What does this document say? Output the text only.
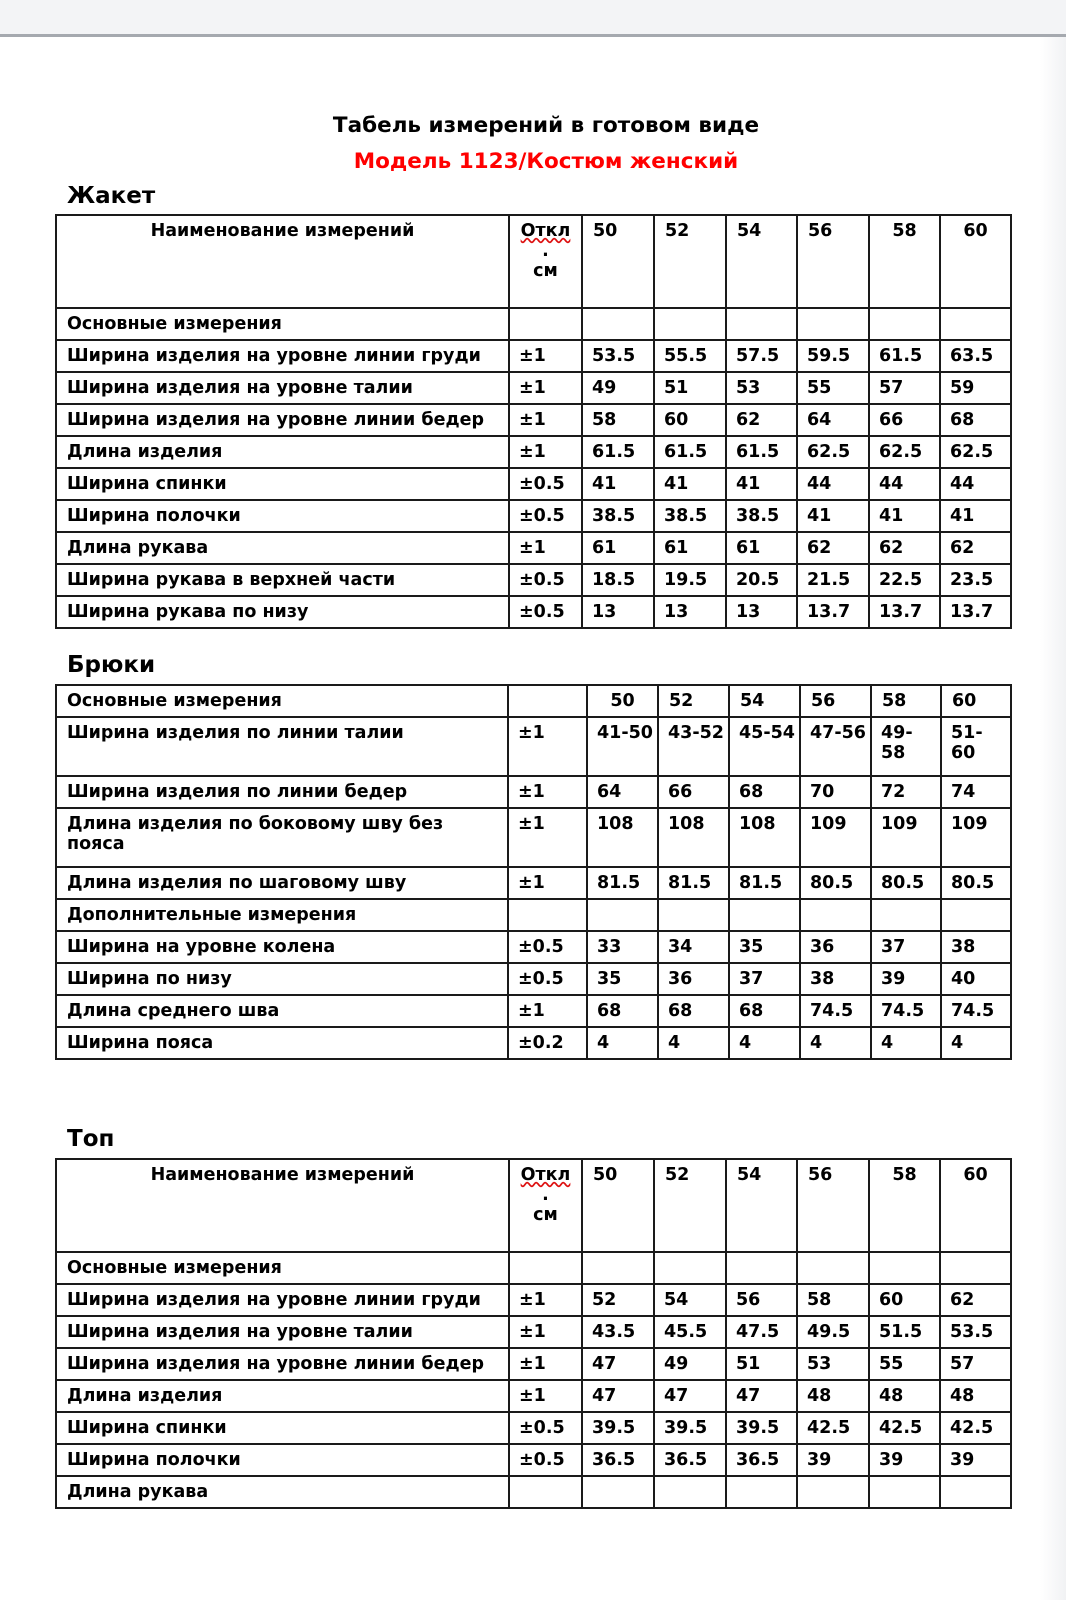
Табель измерений в готовом виде
Модель 1123/Костюм женский
Жакет
Наименование измерений	Откл
.
см	50	52	54	56	58	60
Основные измерения							
Ширина изделия на уровне линии груди	±1	53.5	55.5	57.5	59.5	61.5	63.5
Ширина изделия на уровне талии	±1	49	51	53	55	57	59
Ширина изделия на уровне линии бедер	±1	58	60	62	64	66	68
Длина изделия	±1	61.5	61.5	61.5	62.5	62.5	62.5
Ширина спинки	±0.5	41	41	41	44	44	44
Ширина полочки	±0.5	38.5	38.5	38.5	41	41	41
Длина рукава	±1	61	61	61	62	62	62
Ширина рукава в верхней части	±0.5	18.5	19.5	20.5	21.5	22.5	23.5
Ширина рукава по низу	±0.5	13	13	13	13.7	13.7	13.7
Брюки
Основные измерения		50	52	54	56	58	60
Ширина изделия по линии талии	±1	41-50	43-52	45-54	47-56	49-58	51-60
Ширина изделия по линии бедер	±1	64	66	68	70	72	74
Длина изделия по боковому шву без пояса	±1	108	108	108	109	109	109
Длина изделия по шаговому шву	±1	81.5	81.5	81.5	80.5	80.5	80.5
Дополнительные измерения							
Ширина на уровне колена	±0.5	33	34	35	36	37	38
Ширина по низу	±0.5	35	36	37	38	39	40
Длина среднего шва	±1	68	68	68	74.5	74.5	74.5
Ширина пояса	±0.2	4	4	4	4	4	4
Топ
Наименование измерений	Откл
.
см	50	52	54	56	58	60
Основные измерения							
Ширина изделия на уровне линии груди	±1	52	54	56	58	60	62
Ширина изделия на уровне талии	±1	43.5	45.5	47.5	49.5	51.5	53.5
Ширина изделия на уровне линии бедер	±1	47	49	51	53	55	57
Длина изделия	±1	47	47	47	48	48	48
Ширина спинки	±0.5	39.5	39.5	39.5	42.5	42.5	42.5
Ширина полочки	±0.5	36.5	36.5	36.5	39	39	39
Длина рукава							
